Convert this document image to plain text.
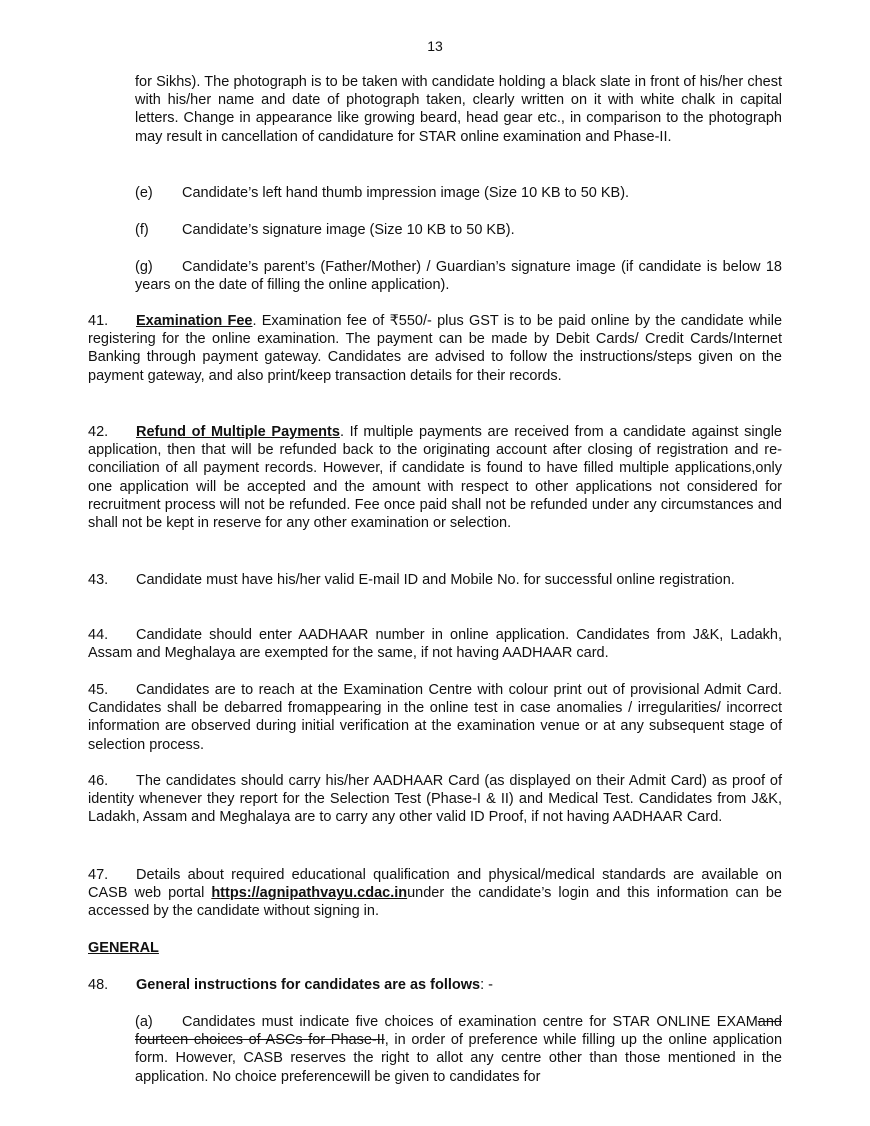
13
for Sikhs). The photograph is to be taken with candidate holding a black slate in front of his/her chest with his/her name and date of photograph taken, clearly written on it with white chalk in capital letters. Change in appearance like growing beard, head gear etc., in comparison to the photograph may result in cancellation of candidature for STAR online examination and Phase-II.
(e) Candidate’s left hand thumb impression image (Size 10 KB to 50 KB).
(f) Candidate’s signature image (Size 10 KB to 50 KB).
(g) Candidate’s parent’s (Father/Mother) / Guardian’s signature image (if candidate is below 18 years on the date of filling the online application).
41. Examination Fee. Examination fee of ₹550/- plus GST is to be paid online by the candidate while registering for the online examination. The payment can be made by Debit Cards/ Credit Cards/Internet Banking through payment gateway. Candidates are advised to follow the instructions/steps given on the payment gateway, and also print/keep transaction details for their records.
42. Refund of Multiple Payments. If multiple payments are received from a candidate against single application, then that will be refunded back to the originating account after closing of registration and re-conciliation of all payment records. However, if candidate is found to have filled multiple applications,only one application will be accepted and the amount with respect to other applications not considered for recruitment process will not be refunded. Fee once paid shall not be refunded under any circumstances and shall not be kept in reserve for any other examination or selection.
43. Candidate must have his/her valid E-mail ID and Mobile No. for successful online registration.
44. Candidate should enter AADHAAR number in online application. Candidates from J&K, Ladakh, Assam and Meghalaya are exempted for the same, if not having AADHAAR card.
45. Candidates are to reach at the Examination Centre with colour print out of provisional Admit Card. Candidates shall be debarred fromappearing in the online test in case anomalies / irregularities/ incorrect information are observed during initial verification at the examination venue or at any subsequent stage of selection process.
46. The candidates should carry his/her AADHAAR Card (as displayed on their Admit Card) as proof of identity whenever they report for the Selection Test (Phase-I & II) and Medical Test. Candidates from J&K, Ladakh, Assam and Meghalaya are to carry any other valid ID Proof, if not having AADHAAR Card.
47. Details about required educational qualification and physical/medical standards are available on CASB web portal https://agnipathvayu.cdac.inunder the candidate’s login and this information can be accessed by the candidate without signing in.
GENERAL
48. General instructions for candidates are as follows: -
(a) Candidates must indicate five choices of examination centre for STAR ONLINE EXAMand fourteen choices of ASCs for Phase-II, in order of preference while filling up the online application form. However, CASB reserves the right to allot any centre other than those mentioned in the application. No choice preferencewill be given to candidates for
